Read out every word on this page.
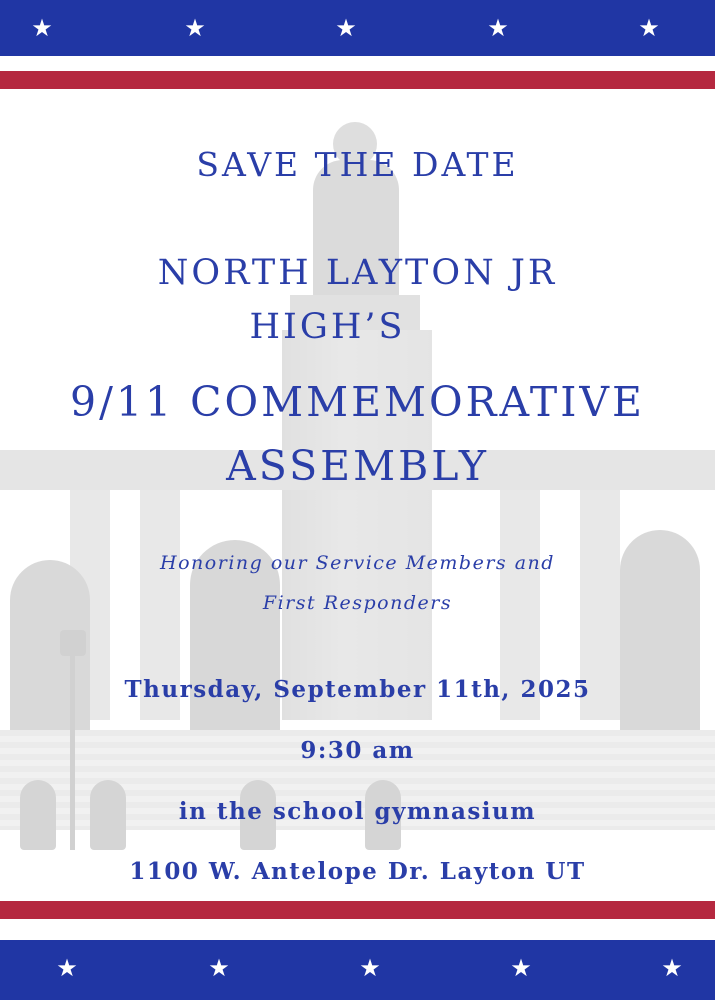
★	★	★	★	★
SAVE THE DATE
NORTH LAYTON JR
HIGH’S
9/11 COMMEMORATIVE
ASSEMBLY
Honoring our Service Members and
First Responders
Thursday, September 11th, 2025
9:30 am
in the school gymnasium
1100 W. Antelope Dr. Layton UT
★	★	★	★	★
